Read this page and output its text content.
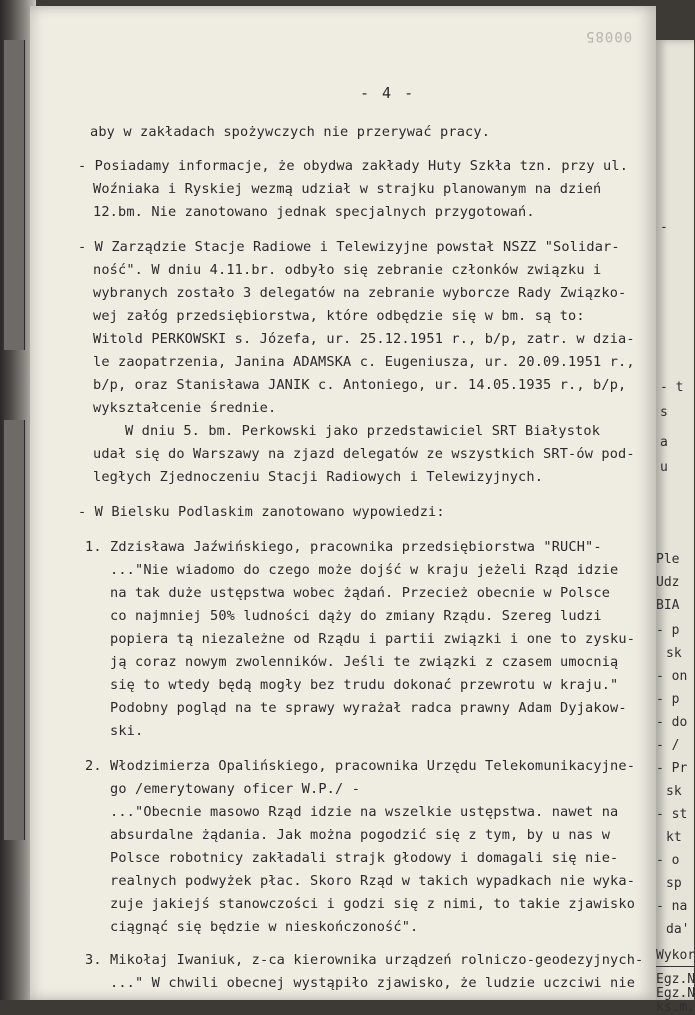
00085
- 4 -
aby w zakładach spożywczych nie przerywać pracy.
- Posiadamy informacje, że obydwa zakłady Huty Szkła tzn. przy ul.
Woźniaka i Ryskiej wezmą udział w strajku planowanym na dzień
12.bm. Nie zanotowano jednak specjalnych przygotowań.
- W Zarządzie Stacje Radiowe i Telewizyjne powstał NSZZ "Solidar-
ność". W dniu 4.11.br. odbyło się zebranie członków związku i
wybranych zostało 3 delegatów na zebranie wyborcze Rady Związko-
wej załóg przedsiębiorstwa, które odbędzie się w bm. są to:
Witold PERKOWSKI s. Józefa, ur. 25.12.1951 r., b/p, zatr. w dzia-
le zaopatrzenia, Janina ADAMSKA c. Eugeniusza, ur. 20.09.1951 r.,
b/p, oraz Stanisława JANIK c. Antoniego, ur. 14.05.1935 r., b/p,
wykształcenie średnie.
W dniu 5. bm. Perkowski jako przedstawiciel SRT Białystok
udał się do Warszawy na zjazd delegatów ze wszystkich SRT-ów pod-
ległych Zjednoczeniu Stacji Radiowych i Telewizyjnych.
- W Bielsku Podlaskim zanotowano wypowiedzi:
1. Zdzisława Jaźwińskiego, pracownika przedsiębiorstwa "RUCH"-
..."Nie wiadomo do czego może dojść w kraju jeżeli Rząd idzie
na tak duże ustępstwa wobec żądań. Przecież obecnie w Polsce
co najmniej 50% ludności dąży do zmiany Rządu. Szereg ludzi
popiera tą niezależne od Rządu i partii związki i one to zysku-
ją coraz nowym zwolenników. Jeśli te związki z czasem umocnią
się to wtedy będą mogły bez trudu dokonać przewrotu w kraju."
Podobny pogląd na te sprawy wyrażał radca prawny Adam Dyjakow-
ski.
2. Włodzimierza Opalińskiego, pracownika Urzędu Telekomunikacyjne-
go /emerytowany oficer W.P./ -
..."Obecnie masowo Rząd idzie na wszelkie ustępstwa. nawet na
absurdalne żądania. Jak można pogodzić się z tym, by u nas w
Polsce robotnicy zakładali strajk głodowy i domagali się nie-
realnych podwyżek płac. Skoro Rząd w takich wypadkach nie wyka-
zuje jakiejś stanowczości i godzi się z nimi, to takie zjawisko
ciągnąć się będzie w nieskończoność".
3. Mikołaj Iwaniuk, z-ca kierownika urządzeń rolniczo-geodezyjnych-
..." W chwili obecnej wystąpiło zjawisko, że ludzie uczciwi nie
-
- t
s
a
u
Ple
Udz
BIA
- p
sk
- on
- p
- do
- /
- Pr
sk
- st
kt
- o
sp
- na
da'
Wykor
Egz.N
Egz.N
ks.m.
